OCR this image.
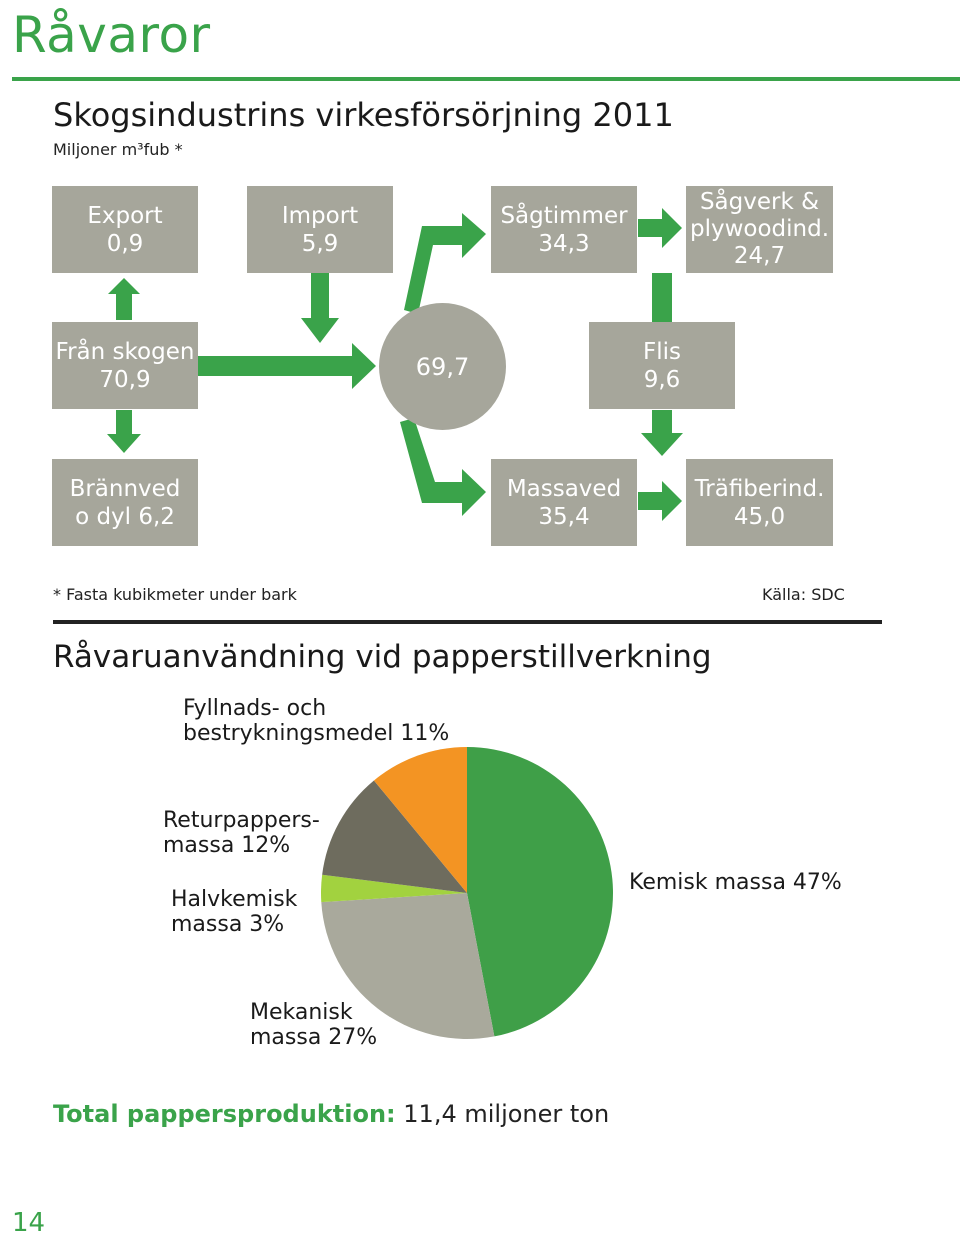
Råvaror
Skogsindustrins virkesförsörjning 2011
Miljoner m³fub *
Export
0,9
Import
5,9
Sågtimmer
34,3
Sågverk &
plywoodind.
24,7
Från skogen
70,9	69,7
Flis
9,6
Brännved
o dyl 6,2
Massaved
35,4
Träfiberind.
45,0
* Fasta kubikmeter under bark	Källa: SDC
Råvaruanvändning vid papperstillverkning
Fyllnads- och
bestrykningsmedel 11%
Returpappers-
massa 12%
Halvkemisk
massa 3%
Mekanisk
massa 27%
Kemisk massa 47%
Total pappersproduktion: 11,4 miljoner ton
14
